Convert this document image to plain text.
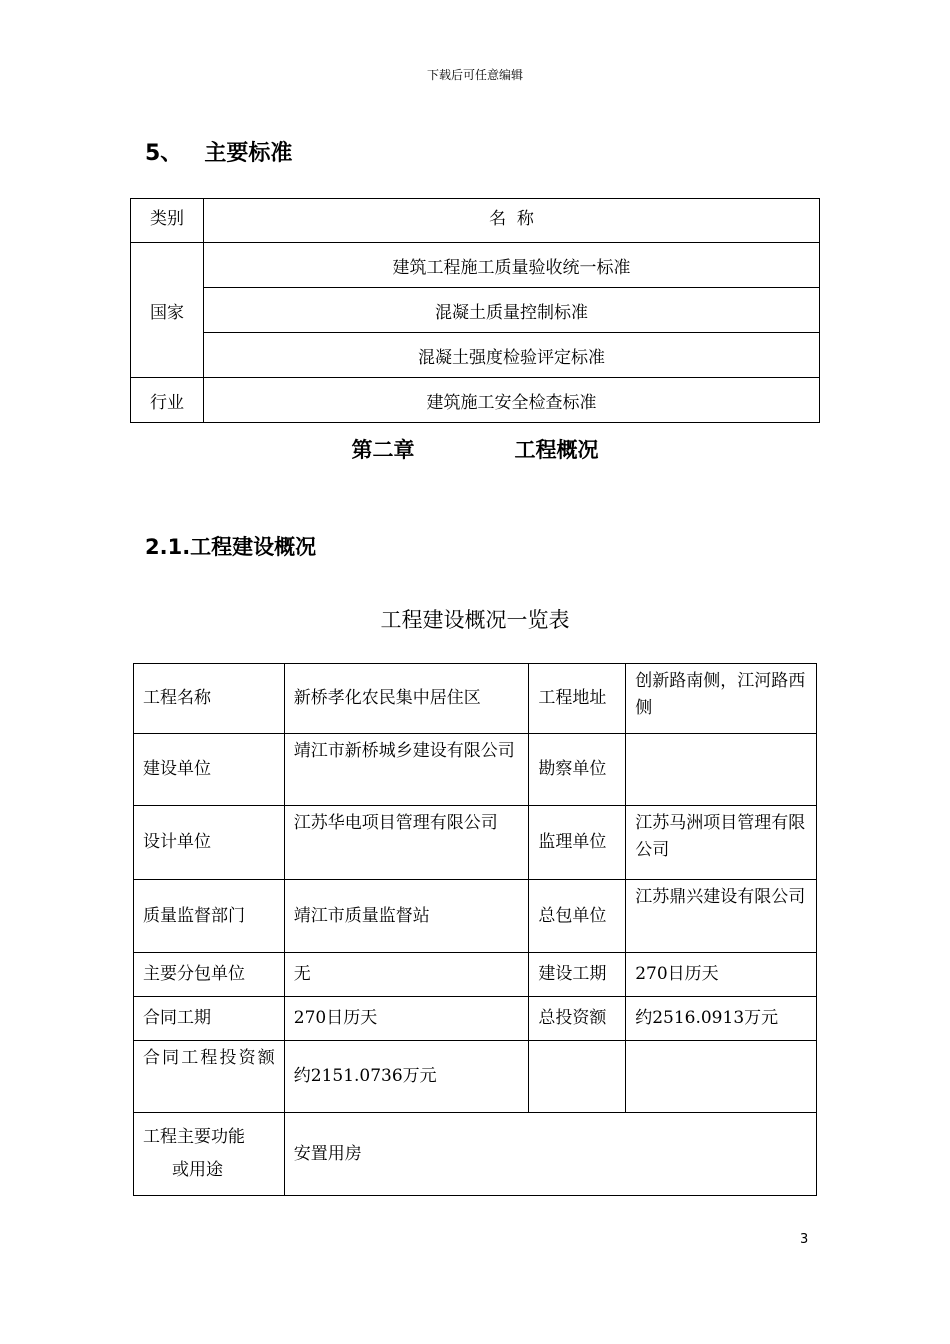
下载后可任意编辑
5、 主要标准
类别	名  称
国家	建筑工程施工质量验收统一标准
	混凝土质量控制标准
	混凝土强度检验评定标准
行业	建筑施工安全检查标准
第二章	工程概况
2.1.工程建设概况
工程建设概况一览表
工程名称	新桥孝化农民集中居住区	工程地址	创新路南侧，江河路西侧
建设单位	靖江市新桥城乡建设有限公司	勘察单位	
设计单位	江苏华电项目管理有限公司	监理单位	江苏马洲项目管理有限公司
质量监督部门	靖江市质量监督站	总包单位	江苏鼎兴建设有限公司
主要分包单位	无	建设工期	270日历天
合同工期	270日历天	总投资额	约2516.0913万元
合同工程投资额	约2151.0736万元		

工程主要功能
或用途	安置用房		
3
